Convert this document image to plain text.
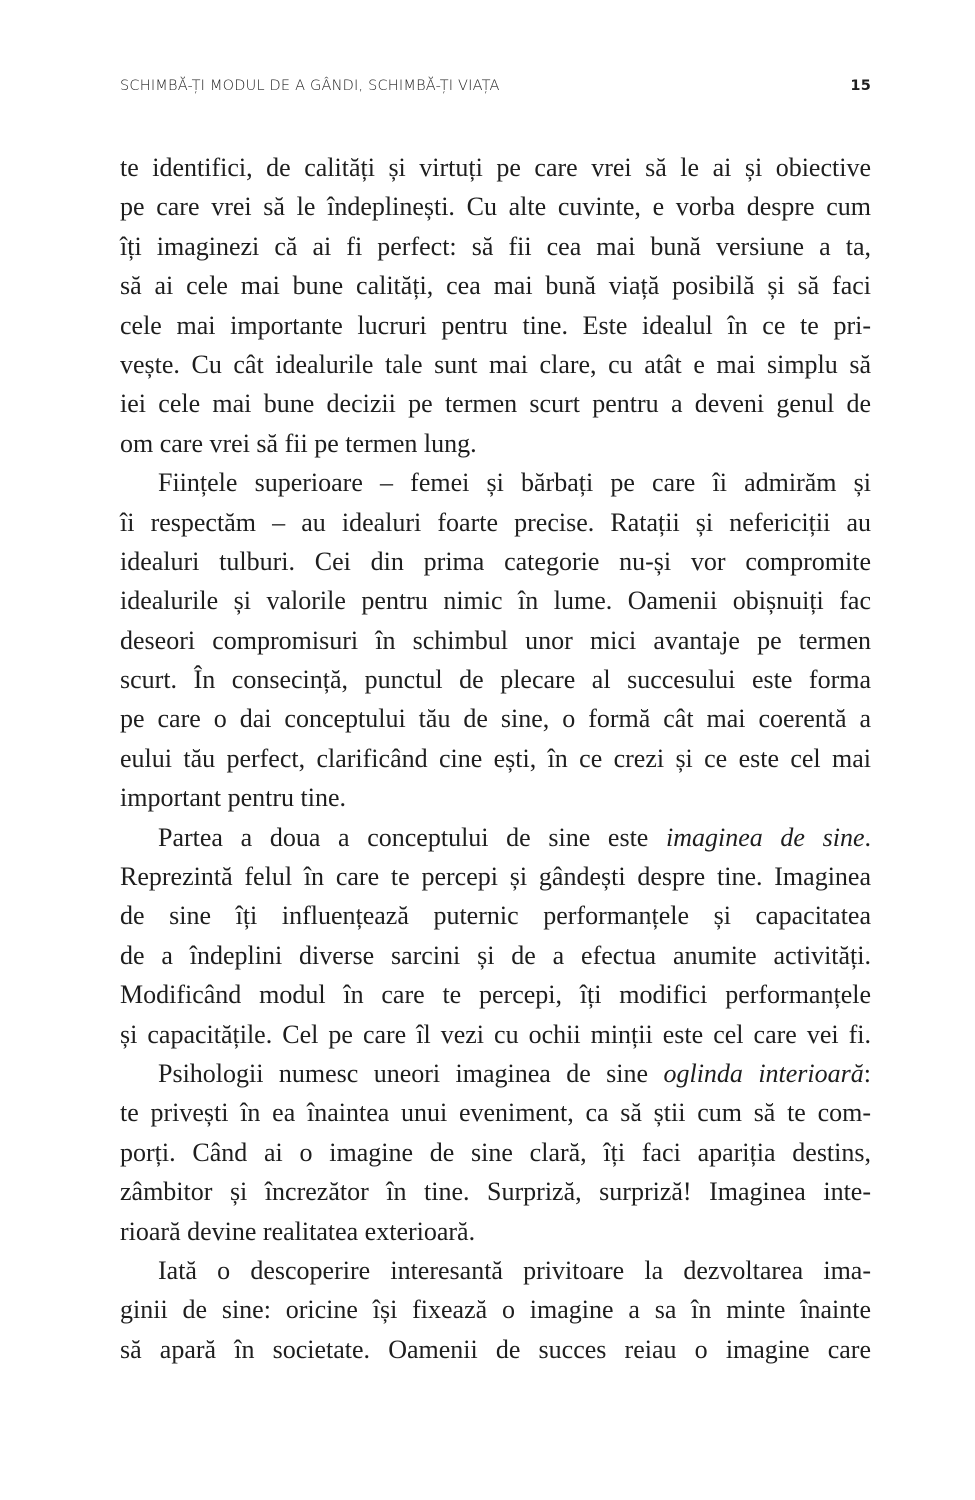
SCHIMBĂ-ȚI MODUL DE A GÂNDI, SCHIMBĂ-ȚI VIAȚA	15
te identifici, de calități și virtuți pe care vrei să le ai și obiective
pe care vrei să le îndeplinești. Cu alte cuvinte, e vorba despre cum
îți imaginezi că ai fi perfect: să fii cea mai bună versiune a ta,
să ai cele mai bune calități, cea mai bună viață posibilă și să faci
cele mai importante lucruri pentru tine. Este idealul în ce te pri-
vește. Cu cât idealurile tale sunt mai clare, cu atât e mai simplu să
iei cele mai bune decizii pe termen scurt pentru a deveni genul de
om care vrei să fii pe termen lung.
Ființele superioare – femei și bărbați pe care îi admirăm și
îi respectăm – au idealuri foarte precise. Ratații și nefericiții au
idealuri tulburi. Cei din prima categorie nu-și vor compromite
idealurile și valorile pentru nimic în lume. Oamenii obișnuiți fac
deseori compromisuri în schimbul unor mici avantaje pe termen
scurt. În consecință, punctul de plecare al succesului este forma
pe care o dai conceptului tău de sine, o formă cât mai coerentă a
eului tău perfect, clarificând cine ești, în ce crezi și ce este cel mai
important pentru tine.
Partea a doua a conceptului de sine este imaginea de sine.
Reprezintă felul în care te percepi și gândești despre tine. Imaginea
de sine îți influențează puternic performanțele și capacitatea
de a îndeplini diverse sarcini și de a efectua anumite activități.
Modificând modul în care te percepi, îți modifici performanțele
și capacitățile. Cel pe care îl vezi cu ochii minții este cel care vei fi.
Psihologii numesc uneori imaginea de sine oglinda interioară:
te privești în ea înaintea unui eveniment, ca să știi cum să te com-
porți. Când ai o imagine de sine clară, îți faci apariția destins,
zâmbitor și încrezător în tine. Surpriză, surpriză! Imaginea inte-
rioară devine realitatea exterioară.
Iată o descoperire interesantă privitoare la dezvoltarea ima-
ginii de sine: oricine își fixează o imagine a sa în minte înainte
să apară în societate. Oamenii de succes reiau o imagine care
